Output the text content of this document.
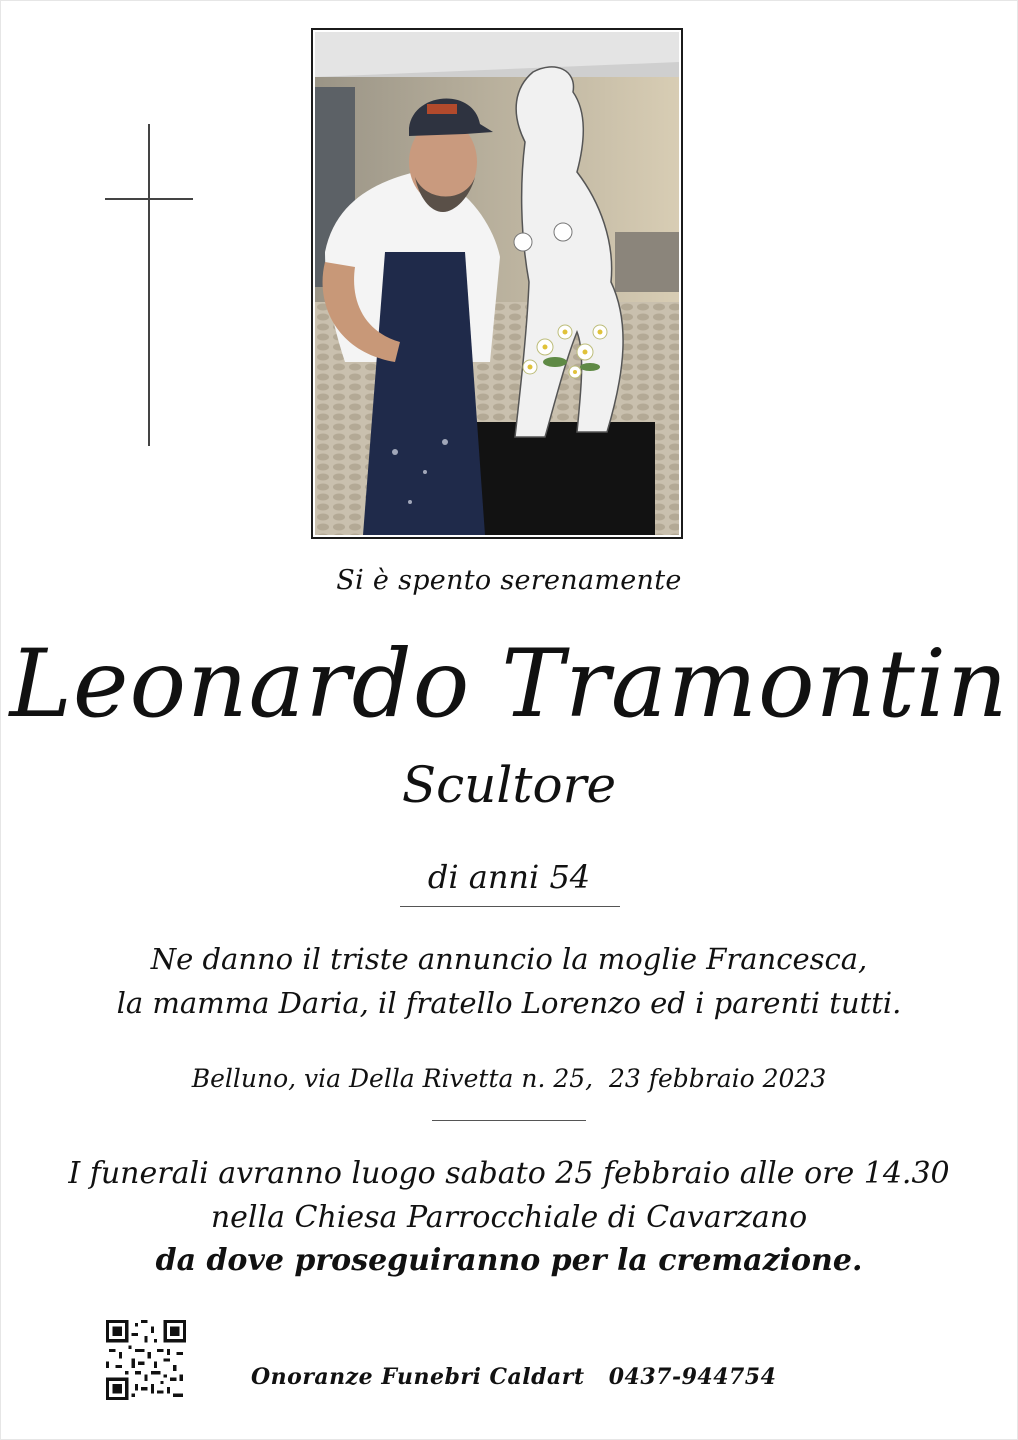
Si è spento serenamente
Leonardo Tramontin
Scultore
di anni 54
Ne danno il triste annuncio la moglie Francesca,
la mamma Daria, il fratello Lorenzo ed i parenti tutti.
Belluno, via Della Rivetta n. 25,  23 febbraio 2023
I funerali avranno luogo sabato 25 febbraio alle ore 14.30
nella Chiesa Parrocchiale di Cavarzano
da dove proseguiranno per la cremazione.
Onoranze Funebri Caldart 0437-944754
